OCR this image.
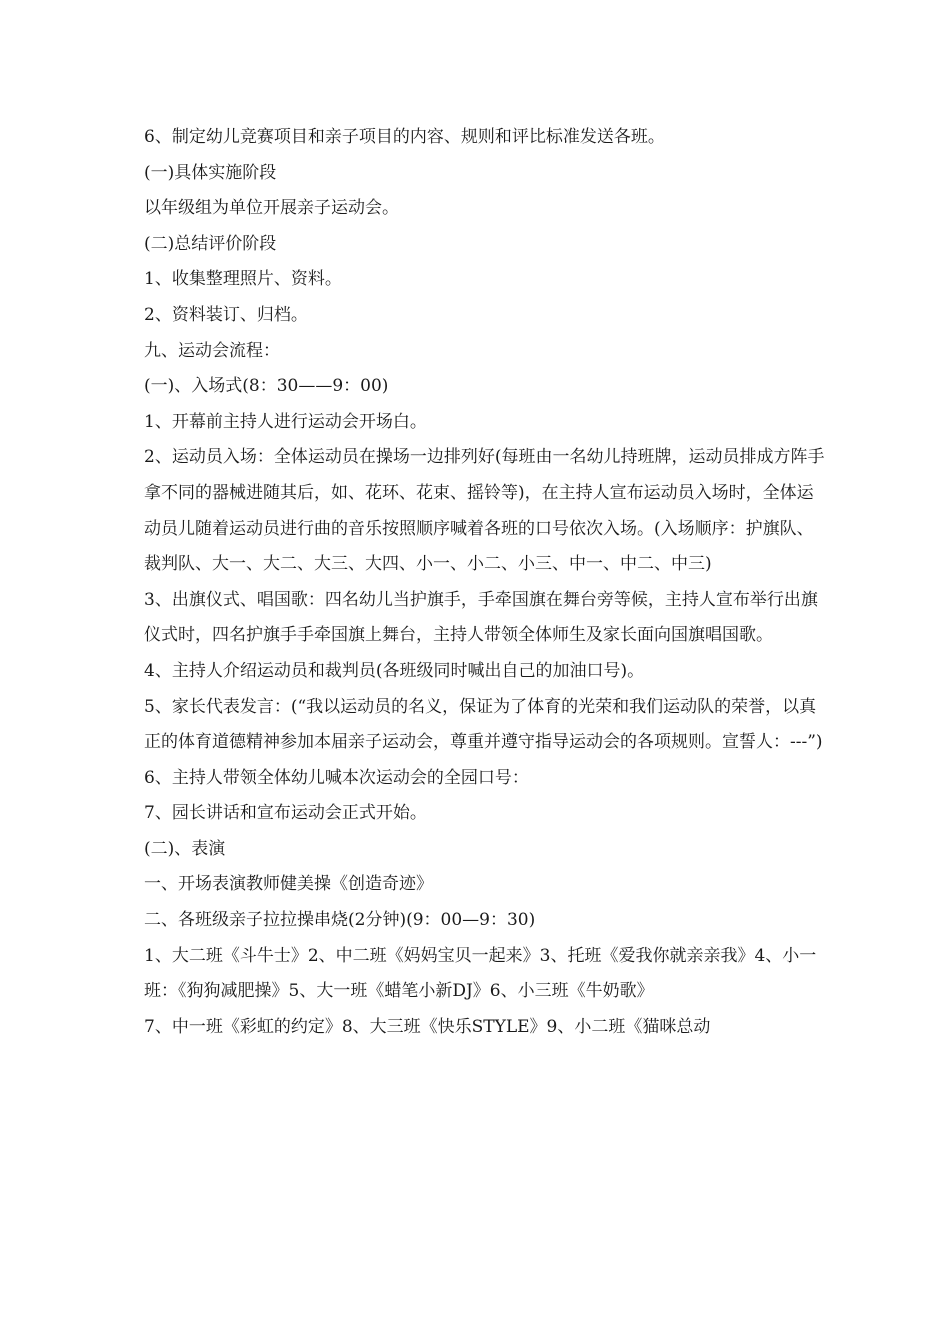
6、制定幼儿竞赛项目和亲子项目的内容、规则和评比标准发送各班。

(一)具体实施阶段

以年级组为单位开展亲子运动会。

(二)总结评价阶段

1、收集整理照片、资料。

2、资料装订、归档。

九、运动会流程：

(一)、入场式(8：30——9：00)

1、开幕前主持人进行运动会开场白。

2、运动员入场：全体运动员在操场一边排列好(每班由一名幼儿持班牌，运动员排成方阵手拿不同的器械进随其后，如、花环、花束、摇铃等)，在主持人宣布运动员入场时，全体运动员儿随着运动员进行曲的音乐按照顺序喊着各班的口号依次入场。(入场顺序：护旗队、裁判队、大一、大二、大三、大四、小一、小二、小三、中一、中二、中三)

3、出旗仪式、唱国歌：四名幼儿当护旗手，手牵国旗在舞台旁等候，主持人宣布举行出旗仪式时，四名护旗手手牵国旗上舞台，主持人带领全体师生及家长面向国旗唱国歌。

4、主持人介绍运动员和裁判员(各班级同时喊出自己的加油口号)。

5、家长代表发言：(“我以运动员的名义，保证为了体育的光荣和我们运动队的荣誉，以真正的体育道德精神参加本届亲子运动会，尊重并遵守指导运动会的各项规则。宣誓人：---”)

6、主持人带领全体幼儿喊本次运动会的全园口号：

7、园长讲话和宣布运动会正式开始。

(二)、表演

一、开场表演教师健美操《创造奇迹》

二、各班级亲子拉拉操串烧(2分钟)(9：00—9：30)

1、大二班《斗牛士》2、中二班《妈妈宝贝一起来》3、托班《爱我你就亲亲我》4、小一班：《狗狗减肥操》5、大一班《蜡笔小新DJ》6、小三班《牛奶歌》

7、中一班《彩虹的约定》8、大三班《快乐STYLE》9、小二班《猫咪总动
